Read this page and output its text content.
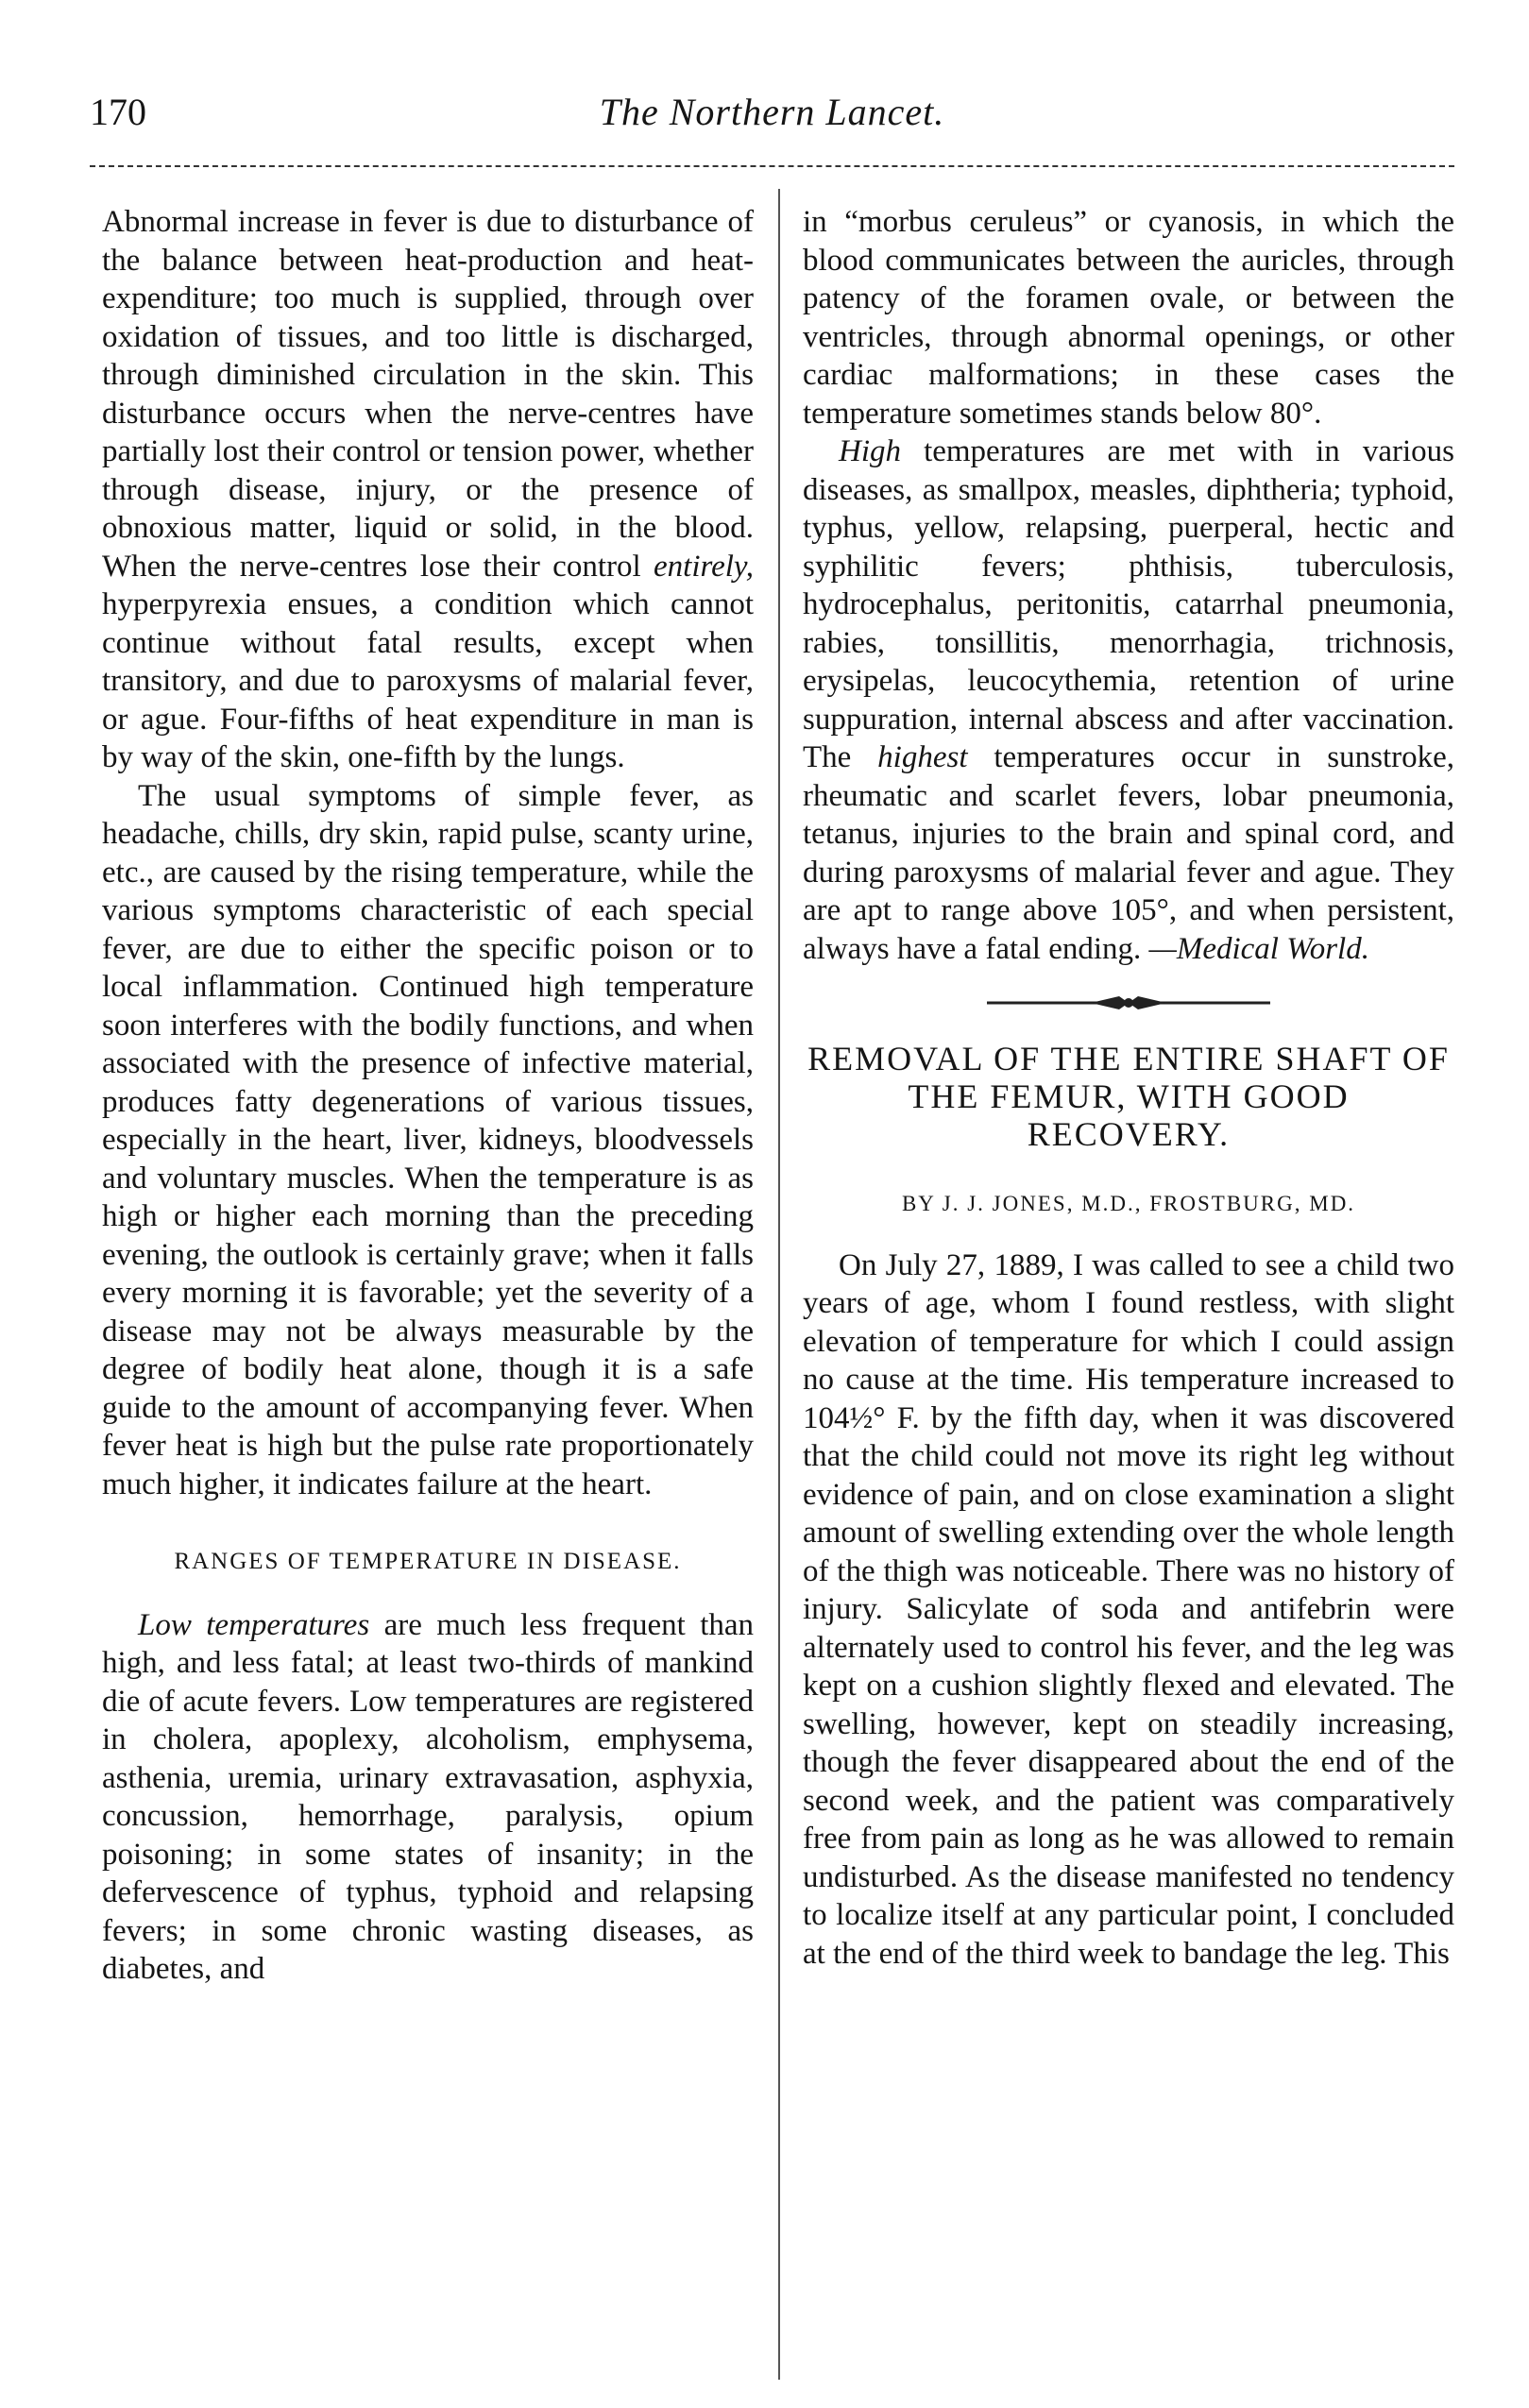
170	The Northern Lancet.

Abnormal increase in fever is due to disturbance of the balance between heat-production and heat-expenditure; too much is supplied, through over oxidation of tissues, and too little is discharged, through diminished circulation in the skin. This disturbance occurs when the nerve-centres have partially lost their control or tension power, whether through disease, injury, or the presence of obnoxious matter, liquid or solid, in the blood. When the nerve-centres lose their control entirely, hyperpyrexia ensues, a condition which cannot continue without fatal results, except when transitory, and due to paroxysms of malarial fever, or ague. Four-fifths of heat expenditure in man is by way of the skin, one-fifth by the lungs.

The usual symptoms of simple fever, as headache, chills, dry skin, rapid pulse, scanty urine, etc., are caused by the rising temperature, while the various symptoms characteristic of each special fever, are due to either the specific poison or to local inflammation. Continued high temperature soon interferes with the bodily functions, and when associated with the presence of infective material, produces fatty degenerations of various tissues, especially in the heart, liver, kidneys, bloodvessels and voluntary muscles. When the temperature is as high or higher each morning than the preceding evening, the outlook is certainly grave; when it falls every morning it is favorable; yet the severity of a disease may not be always measurable by the degree of bodily heat alone, though it is a safe guide to the amount of accompanying fever. When fever heat is high but the pulse rate proportionately much higher, it indicates failure at the heart.

RANGES OF TEMPERATURE IN DISEASE.

Low temperatures are much less frequent than high, and less fatal; at least two-thirds of mankind die of acute fevers. Low temperatures are registered in cholera, apoplexy, alcoholism, emphysema, asthenia, uremia, urinary extravasation, asphyxia, concussion, hemorrhage, paralysis, opium poisoning; in some states of insanity; in the defervescence of typhus, typhoid and relapsing fevers; in some chronic wasting diseases, as diabetes, and

in “morbus ceruleus” or cyanosis, in which the blood communicates between the auricles, through patency of the foramen ovale, or between the ventricles, through abnormal openings, or other cardiac malformations; in these cases the temperature sometimes stands below 80°.

High temperatures are met with in various diseases, as smallpox, measles, diphtheria; typhoid, typhus, yellow, relapsing, puerperal, hectic and syphilitic fevers; phthisis, tuberculosis, hydrocephalus, peritonitis, catarrhal pneumonia, rabies, tonsillitis, menorrhagia, trichnosis, erysipelas, leucocythemia, retention of urine suppuration, internal abscess and after vaccination. The highest temperatures occur in sunstroke, rheumatic and scarlet fevers, lobar pneumonia, tetanus, injuries to the brain and spinal cord, and during paroxysms of malarial fever and ague. They are apt to range above 105°, and when persistent, always have a fatal ending. —Medical World.

REMOVAL OF THE ENTIRE SHAFT OF THE FEMUR, WITH GOOD RECOVERY.
BY J. J. JONES, M.D., FROSTBURG, MD.

On July 27, 1889, I was called to see a child two years of age, whom I found restless, with slight elevation of temperature for which I could assign no cause at the time. His temperature increased to 104½° F. by the fifth day, when it was discovered that the child could not move its right leg without evidence of pain, and on close examination a slight amount of swelling extending over the whole length of the thigh was noticeable. There was no history of injury. Salicylate of soda and antifebrin were alternately used to control his fever, and the leg was kept on a cushion slightly flexed and elevated. The swelling, however, kept on steadily increasing, though the fever disappeared about the end of the second week, and the patient was comparatively free from pain as long as he was allowed to remain undisturbed. As the disease manifested no tendency to localize itself at any particular point, I concluded at the end of the third week to bandage the leg. This
